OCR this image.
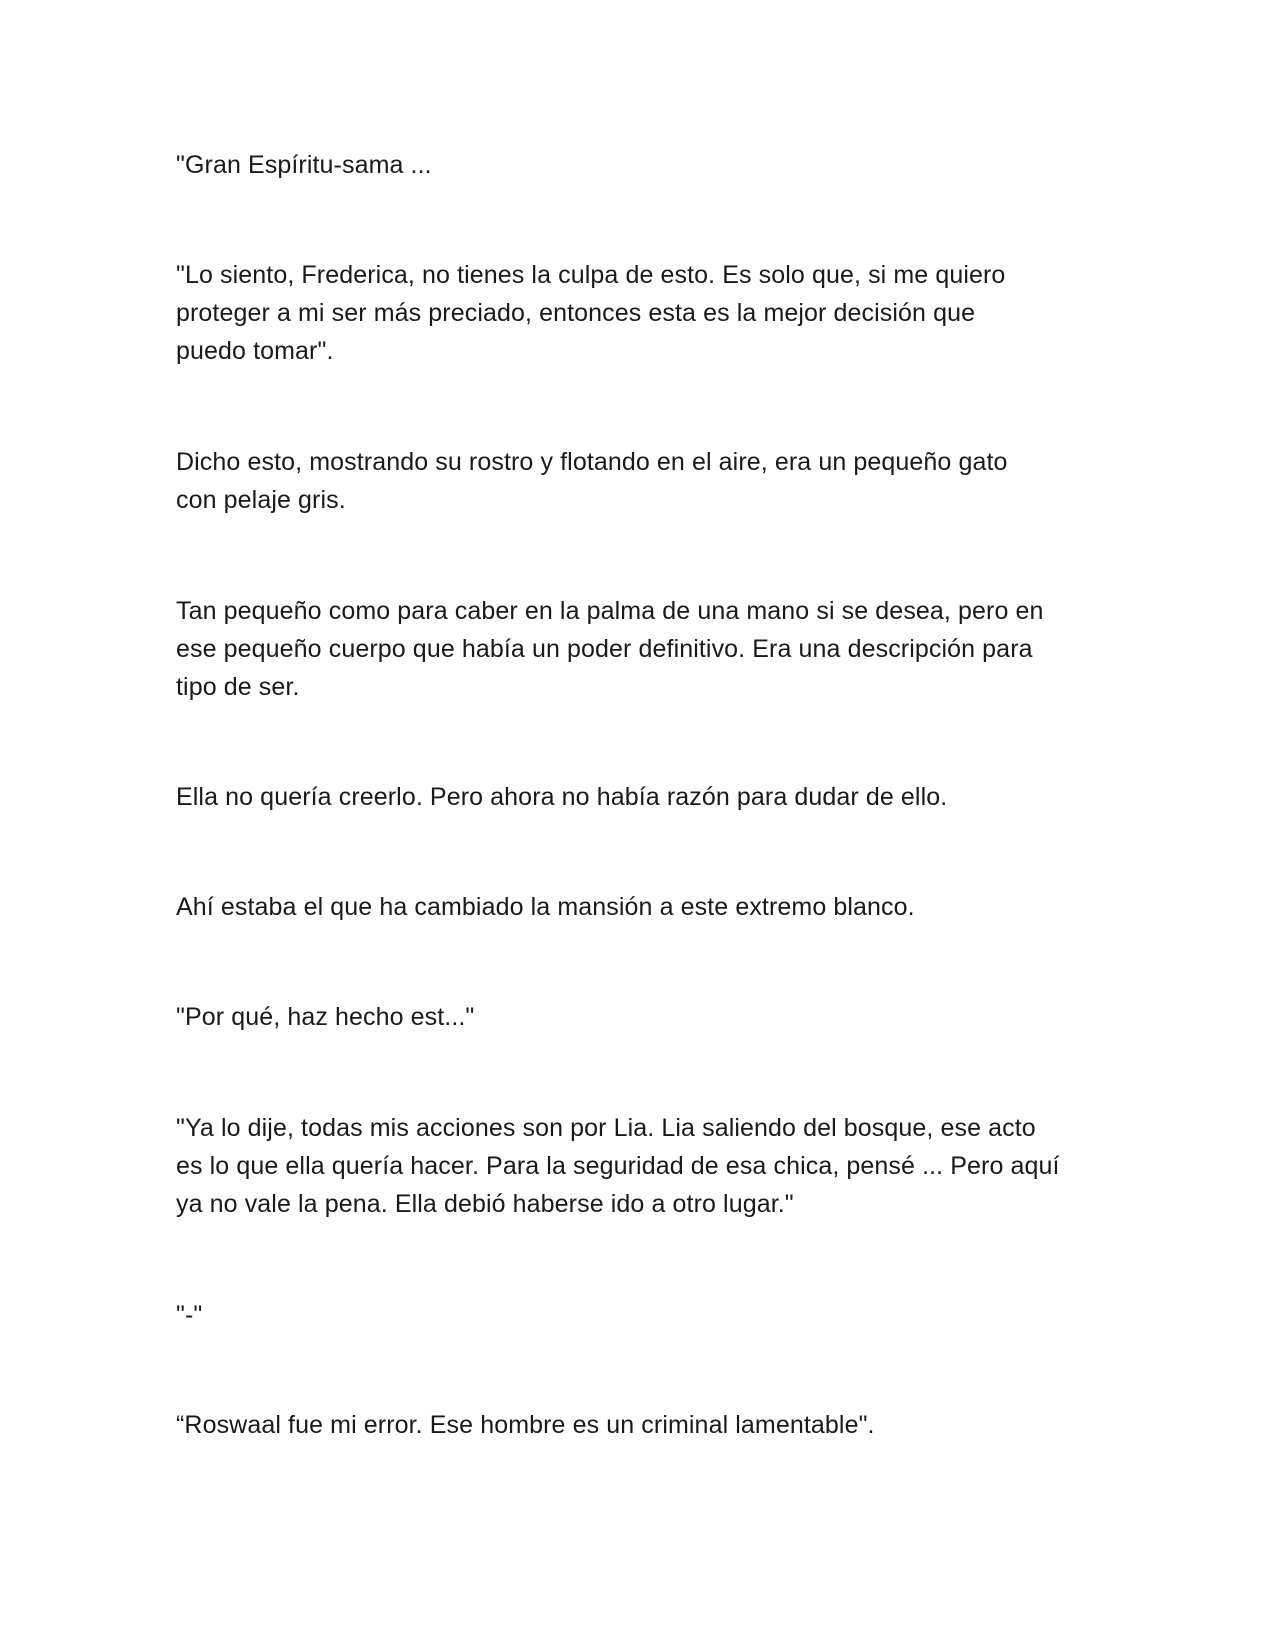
"Gran Espíritu-sama ...

"Lo siento, Frederica, no tienes la culpa de esto. Es solo que, si me quiero
proteger a mi ser más preciado, entonces esta es la mejor decisión que
puedo tomar".

Dicho esto, mostrando su rostro y flotando en el aire, era un pequeño gato
con pelaje gris.

Tan pequeño como para caber en la palma de una mano si se desea, pero en
ese pequeño cuerpo que había un poder definitivo. Era una descripción para
tipo de ser.

Ella no quería creerlo. Pero ahora no había razón para dudar de ello.

Ahí estaba el que ha cambiado la mansión a este extremo blanco.

"Por qué, haz hecho est..."

"Ya lo dije, todas mis acciones son por Lia. Lia saliendo del bosque, ese acto
es lo que ella quería hacer. Para la seguridad de esa chica, pensé ... Pero aquí
ya no vale la pena. Ella debió haberse ido a otro lugar."

"-"

“Roswaal fue mi error. Ese hombre es un criminal lamentable".
